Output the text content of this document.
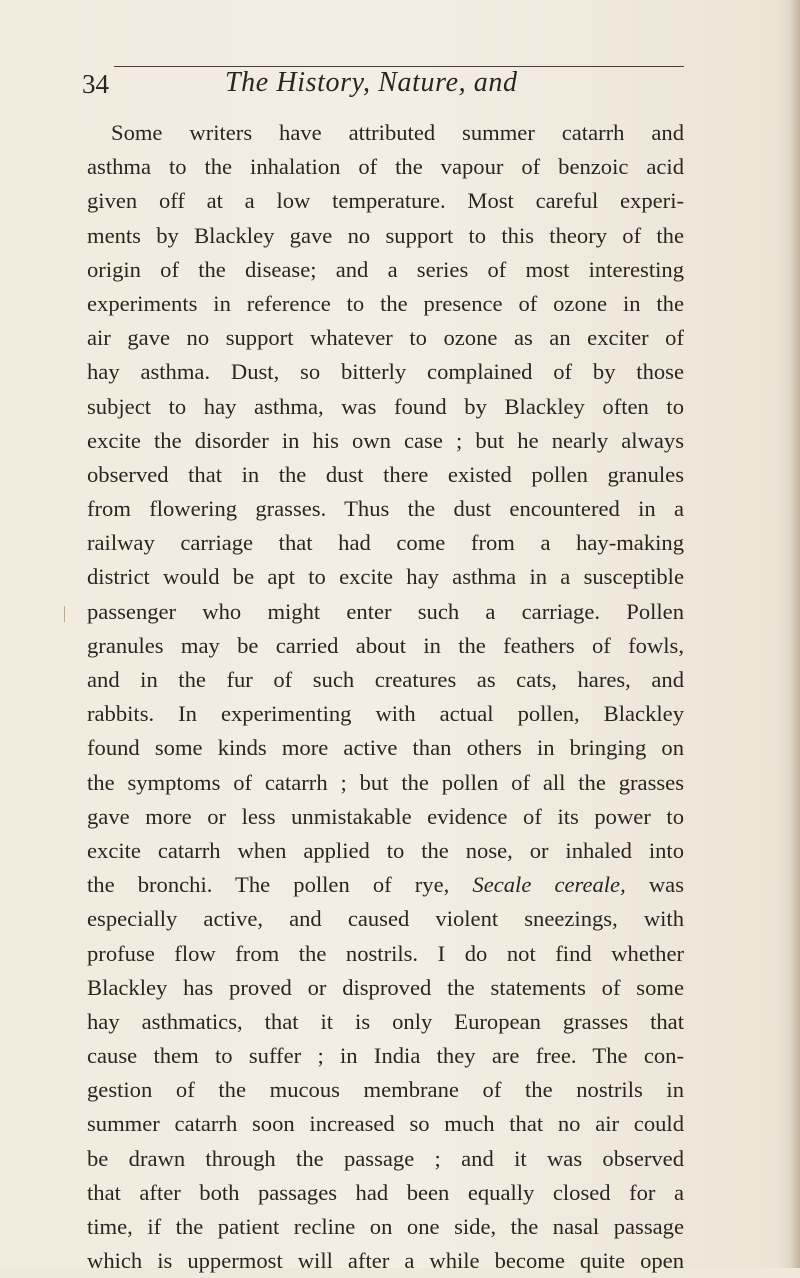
34	The History, Nature, and
Some writers have attributed summer catarrh and
asthma to the inhalation of the vapour of benzoic acid
given off at a low temperature. Most careful experi-
ments by Blackley gave no support to this theory of the
origin of the disease; and a series of most interesting
experiments in reference to the presence of ozone in the
air gave no support whatever to ozone as an exciter of
hay asthma. Dust, so bitterly complained of by those
subject to hay asthma, was found by Blackley often to
excite the disorder in his own case ; but he nearly always
observed that in the dust there existed pollen granules
from flowering grasses. Thus the dust encountered in a
railway carriage that had come from a hay-making
district would be apt to excite hay asthma in a susceptible
passenger who might enter such a carriage. Pollen
granules may be carried about in the feathers of fowls,
and in the fur of such creatures as cats, hares, and
rabbits. In experimenting with actual pollen, Blackley
found some kinds more active than others in bringing on
the symptoms of catarrh ; but the pollen of all the grasses
gave more or less unmistakable evidence of its power to
excite catarrh when applied to the nose, or inhaled into
the bronchi. The pollen of rye, Secale cereale, was
especially active, and caused violent sneezings, with
profuse flow from the nostrils. I do not find whether
Blackley has proved or disproved the statements of some
hay asthmatics, that it is only European grasses that
cause them to suffer ; in India they are free. The con-
gestion of the mucous membrane of the nostrils in
summer catarrh soon increased so much that no air could
be drawn through the passage ; and it was observed
that after both passages had been equally closed for a
time, if the patient recline on one side, the nasal passage
which is uppermost will after a while become quite open
